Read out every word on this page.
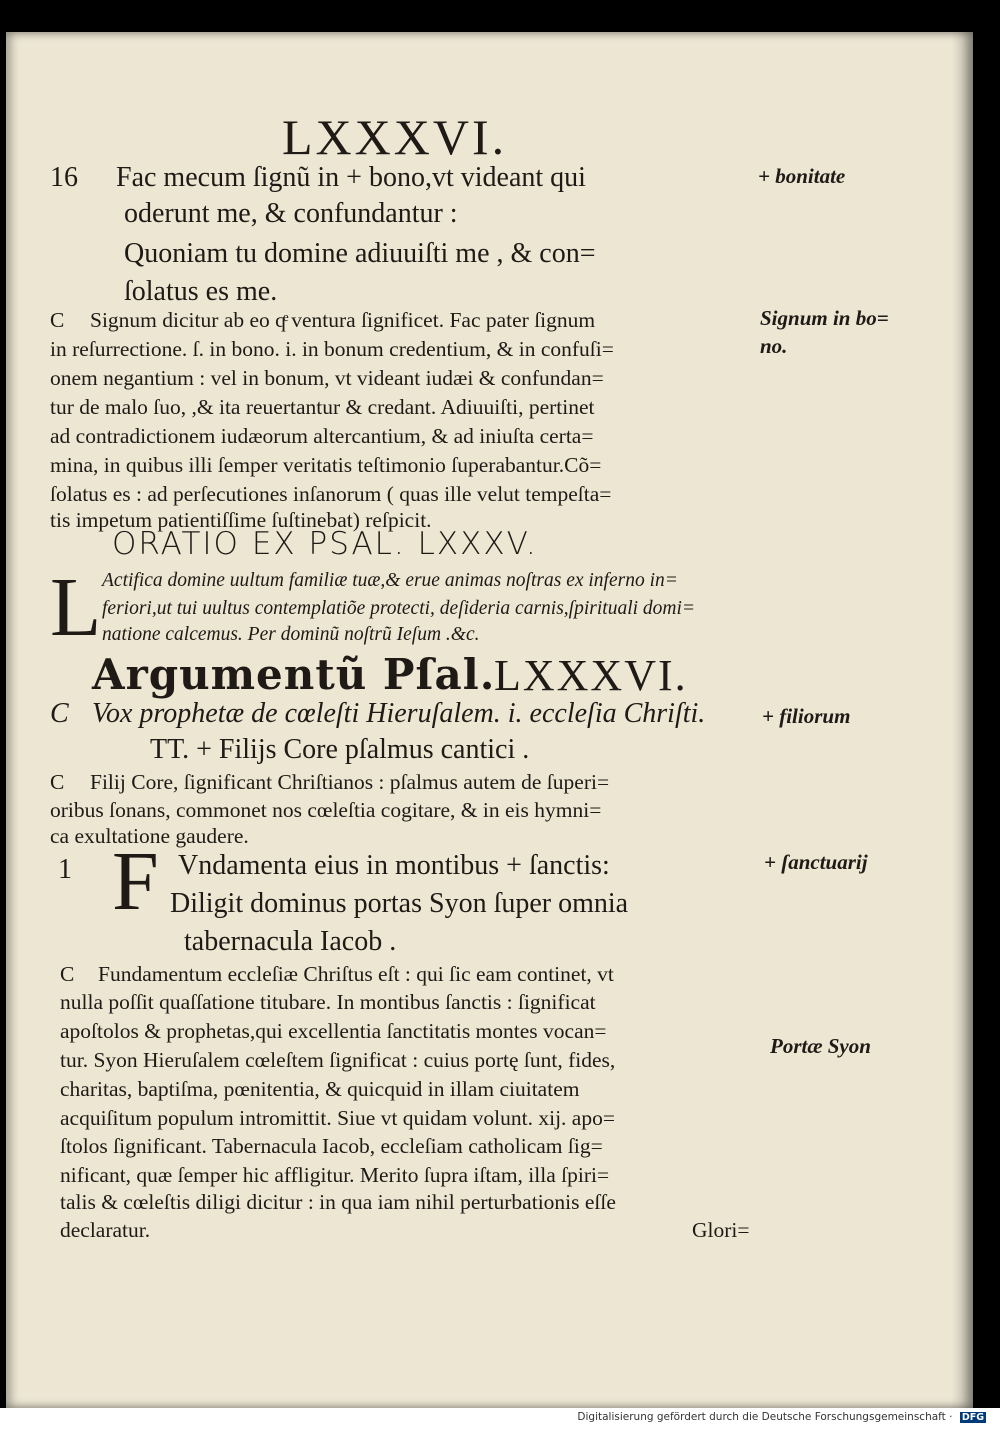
LXXXVI.
16 Fac mecum ſignũ in + bono,vt videant qui
oderunt me, & confundantur :
Quoniam tu domine adiuuiſti me , & con=
ſolatus es me.
+ bonitate
C Signum dicitur ab eo qͤ ventura ſignificet. Fac pater ſignum
in reſurrectione. ſ. in bono. i. in bonum credentium, & in confuſi=
onem negantium : vel in bonum, vt videant iudæi & confundan=
tur de malo ſuo, ,& ita reuertantur & credant. Adiuuiſti, pertinet
ad contradictionem iudæorum altercantium, & ad iniuſta certa=
mina, in quibus illi ſemper veritatis teſtimonio ſuperabantur.Cõ=
ſolatus es : ad perſecutiones inſanorum ( quas ille velut tempeſta=
tis impetum patientiſſime ſuſtinebat) reſpicit.
Signum in bo=
no.
ORATIO EX PSAL. LXXXV.
L Actifica domine uultum familiæ tuæ,& erue animas noſtras ex inferno in=
feriori,ut tui uultus contemplatiõe protecti, deſideria carnis,ſpirituali domi=
natione calcemus. Per dominũ noſtrũ Ieſum .&c.
Argumentũ Pſal.
LXXXVI.
C Vox prophetæ de cœleſti Hieruſalem. i. eccleſia Chriſti.
TT. + Filijs Core pſalmus cantici .
+ filiorum
C Filij Core, ſignificant Chriſtianos : pſalmus autem de ſuperi=
oribus ſonans, commonet nos cœleſtia cogitare, & in eis hymni=
ca exultatione gaudere.
1 F Vndamenta eius in montibus + ſanctis:
Diligit dominus portas Syon ſuper omnia
tabernacula Iacob .
+ ſanctuarij
C Fundamentum eccleſiæ Chriſtus eſt : qui ſic eam continet, vt
nulla poſſit quaſſatione titubare. In montibus ſanctis : ſignificat
apoſtolos & prophetas,qui excellentia ſanctitatis montes vocan=
tur. Syon Hieruſalem cœleſtem ſignificat : cuius portę ſunt, fides,
charitas, baptiſma, pœnitentia, & quicquid in illam ciuitatem
acquiſitum populum intromittit. Siue vt quidam volunt. xij. apo=
ſtolos ſignificant. Tabernacula Iacob, eccleſiam catholicam ſig=
nificant, quæ ſemper hic affligitur. Merito ſupra iſtam, illa ſpiri=
talis & cœleſtis diligi dicitur : in qua iam nihil perturbationis eſſe
declaratur.	Glori=
Portæ Syon
Digitalisierung gefördert durch die Deutsche Forschungsgemeinschaft · DFG
